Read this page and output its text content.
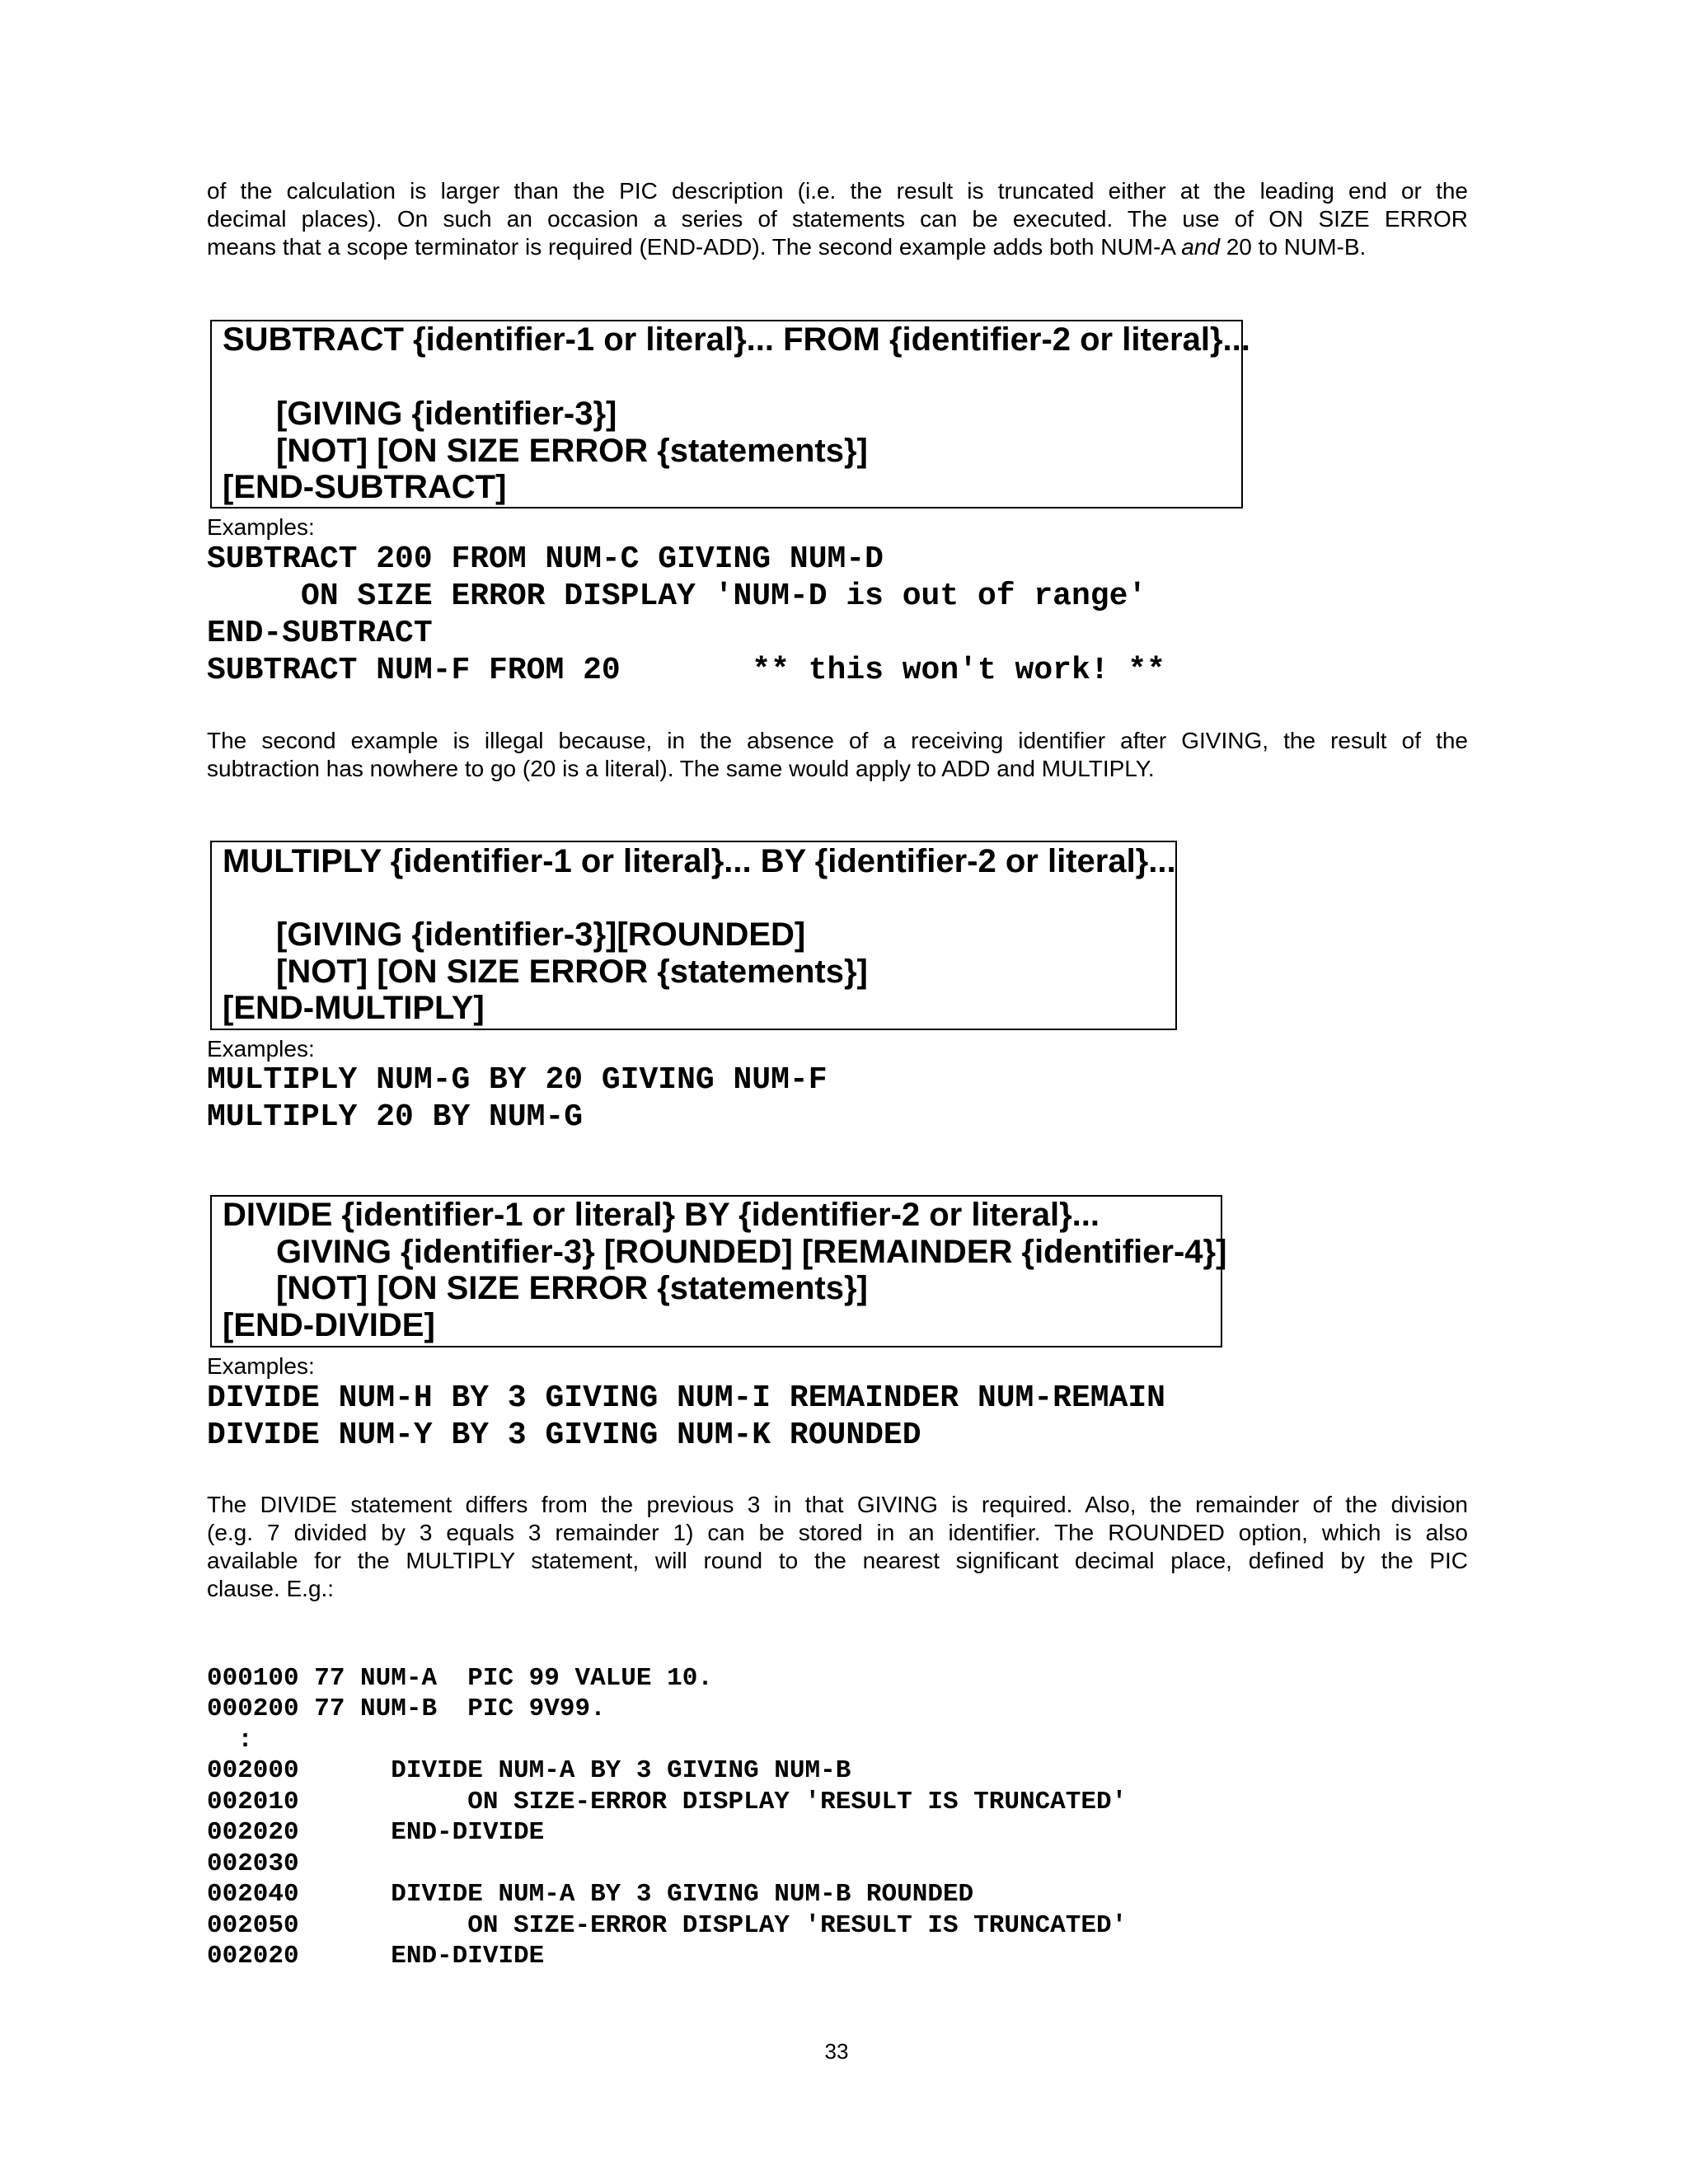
of the calculation is larger than the PIC description (i.e. the result is truncated either at the leading end or the
decimal places). On such an occasion a series of statements can be executed. The use of ON SIZE ERROR
means that a scope terminator is required (END-ADD). The second example adds both NUM-A and 20 to NUM-B.
SUBTRACT {identifier-1 or literal}... FROM {identifier-2 or literal}...
[GIVING {identifier-3}]
[NOT] [ON SIZE ERROR {statements}]
[END-SUBTRACT]
Examples:
SUBTRACT 200 FROM NUM-C GIVING NUM-D
ON SIZE ERROR DISPLAY 'NUM-D is out of range'
END-SUBTRACT
SUBTRACT NUM-F FROM 20       ** this won't work! **
The second example is illegal because, in the absence of a receiving identifier after GIVING, the result of the
subtraction has nowhere to go (20 is a literal). The same would apply to ADD and MULTIPLY.
MULTIPLY {identifier-1 or literal}... BY {identifier-2 or literal}...
[GIVING {identifier-3}][ROUNDED]
[NOT] [ON SIZE ERROR {statements}]
[END-MULTIPLY]
Examples:
MULTIPLY NUM-G BY 20 GIVING NUM-F
MULTIPLY 20 BY NUM-G
DIVIDE {identifier-1 or literal} BY {identifier-2 or literal}...
GIVING {identifier-3} [ROUNDED] [REMAINDER {identifier-4}]
[NOT] [ON SIZE ERROR {statements}]
[END-DIVIDE]
Examples:
DIVIDE NUM-H BY 3 GIVING NUM-I REMAINDER NUM-REMAIN
DIVIDE NUM-Y BY 3 GIVING NUM-K ROUNDED
The DIVIDE statement differs from the previous 3 in that GIVING is required. Also, the remainder of the division
(e.g. 7 divided by 3 equals 3 remainder 1) can be stored in an identifier. The ROUNDED option, which is also
available for the MULTIPLY statement, will round to the nearest significant decimal place, defined by the PIC
clause. E.g.:
000100 77 NUM-A  PIC 99 VALUE 10.
000200 77 NUM-B  PIC 9V99.
:
002000      DIVIDE NUM-A BY 3 GIVING NUM-B
002010           ON SIZE-ERROR DISPLAY 'RESULT IS TRUNCATED'
002020      END-DIVIDE
002030
002040      DIVIDE NUM-A BY 3 GIVING NUM-B ROUNDED
002050           ON SIZE-ERROR DISPLAY 'RESULT IS TRUNCATED'
002020      END-DIVIDE
33
